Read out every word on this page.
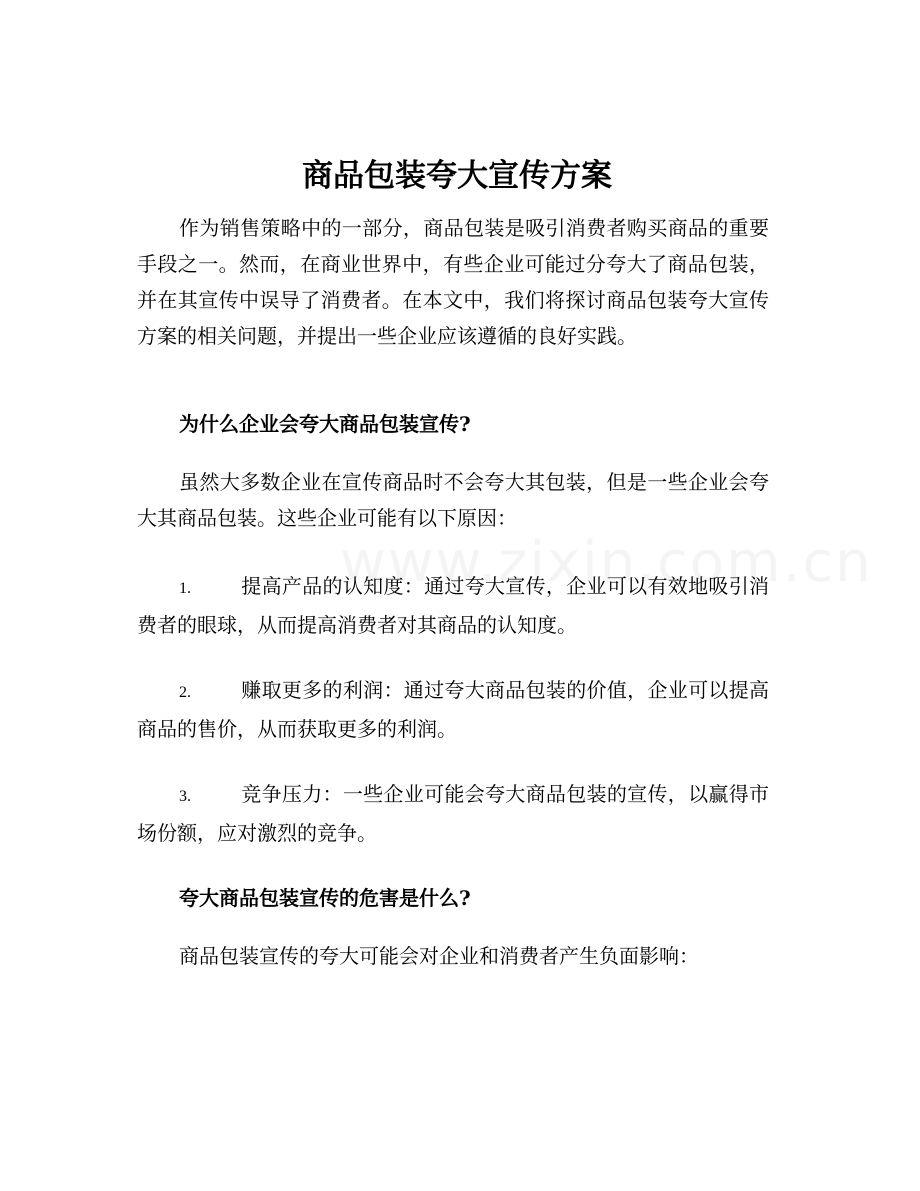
商品包装夸大宣传方案

作为销售策略中的一部分，商品包装是吸引消费者购买商品的重要手段之一。然而，在商业世界中，有些企业可能过分夸大了商品包装，并在其宣传中误导了消费者。在本文中，我们将探讨商品包装夸大宣传方案的相关问题，并提出一些企业应该遵循的良好实践。

为什么企业会夸大商品包装宣传?

虽然大多数企业在宣传商品时不会夸大其包装，但是一些企业会夸大其商品包装。这些企业可能有以下原因：

1.	提高产品的认知度：通过夸大宣传，企业可以有效地吸引消费者的眼球，从而提高消费者对其商品的认知度。

2.	赚取更多的利润：通过夸大商品包装的价值，企业可以提高商品的售价，从而获取更多的利润。

3.	竞争压力：一些企业可能会夸大商品包装的宣传，以赢得市场份额，应对激烈的竞争。

夸大商品包装宣传的危害是什么?

商品包装宣传的夸大可能会对企业和消费者产生负面影响：
